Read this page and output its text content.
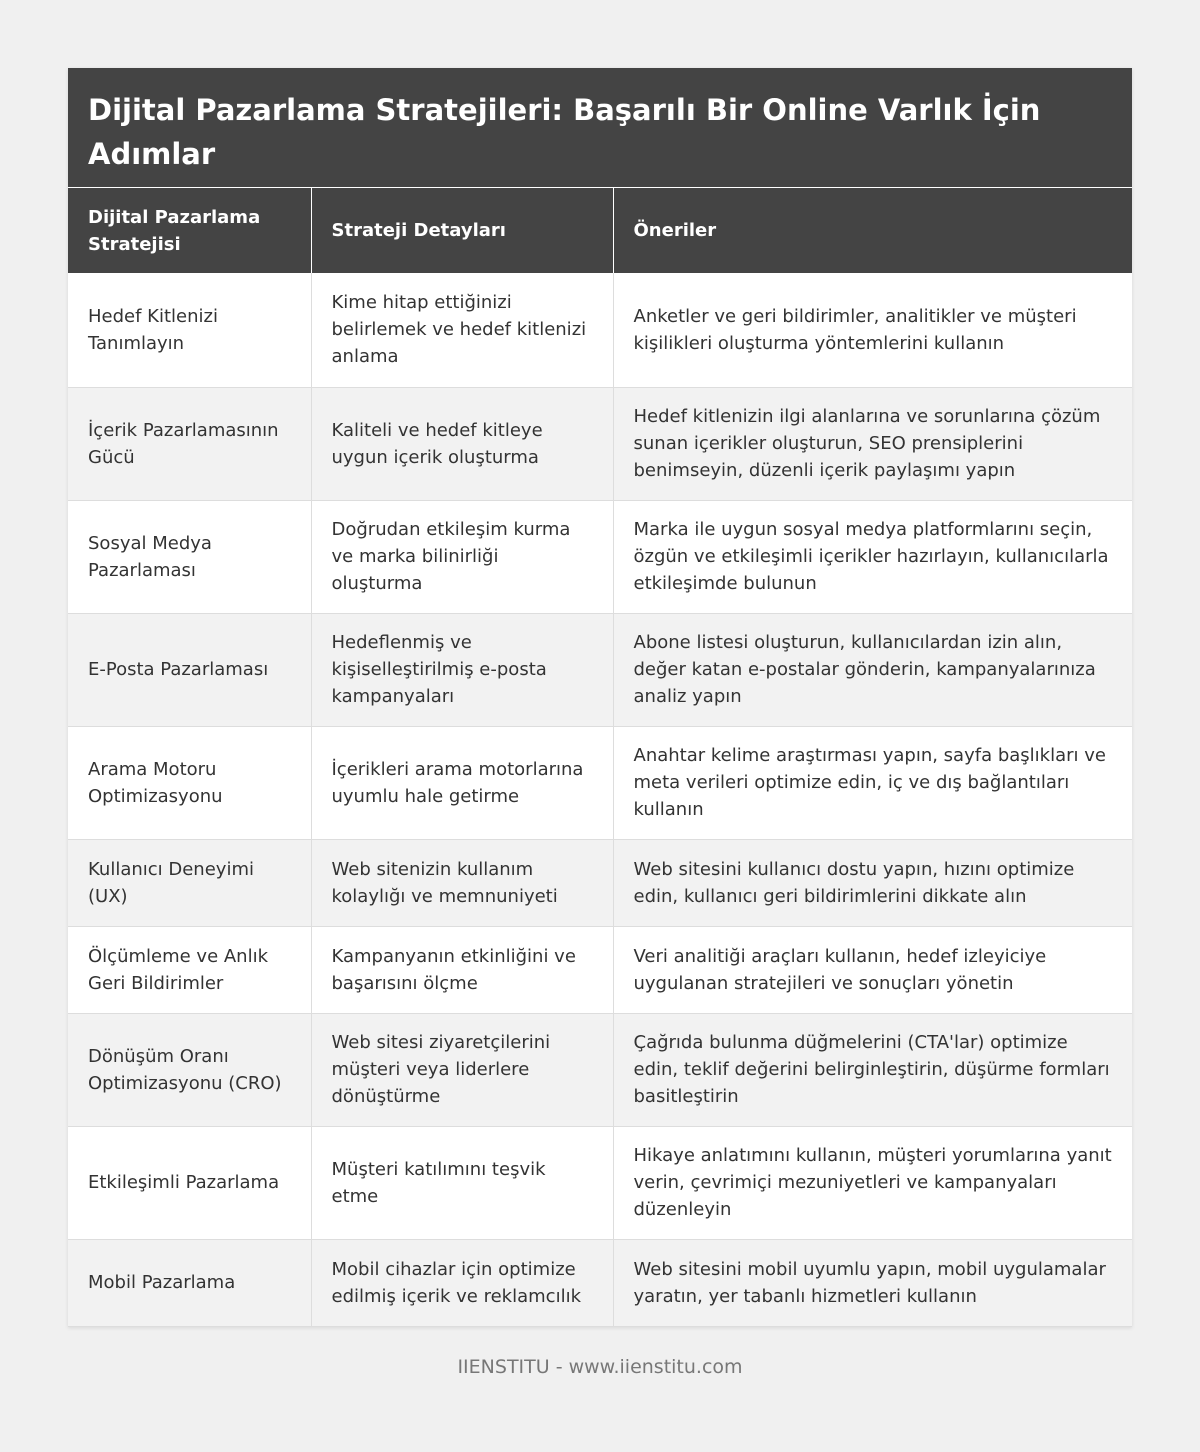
Dijital Pazarlama Stratejileri: Başarılı Bir Online Varlık İçin Adımlar
Dijital Pazarlama Stratejisi	Strateji Detayları	Öneriler
Hedef Kitlenizi Tanımlayın	Kime hitap ettiğinizi belirlemek ve hedef kitlenizi anlama	Anketler ve geri bildirimler, analitikler ve müşteri kişilikleri oluşturma yöntemlerini kullanın
İçerik Pazarlamasının Gücü	Kaliteli ve hedef kitleye uygun içerik oluşturma	Hedef kitlenizin ilgi alanlarına ve sorunlarına çözüm sunan içerikler oluşturun, SEO prensiplerini benimseyin, düzenli içerik paylaşımı yapın
Sosyal Medya Pazarlaması	Doğrudan etkileşim kurma ve marka bilinirliği oluşturma	Marka ile uygun sosyal medya platformlarını seçin, özgün ve etkileşimli içerikler hazırlayın, kullanıcılarla etkileşimde bulunun
E-Posta Pazarlaması	Hedeflenmiş ve kişiselleştirilmiş e-posta kampanyaları	Abone listesi oluşturun, kullanıcılardan izin alın, değer katan e-postalar gönderin, kampanyalarınıza analiz yapın
Arama Motoru Optimizasyonu	İçerikleri arama motorlarına uyumlu hale getirme	Anahtar kelime araştırması yapın, sayfa başlıkları ve meta verileri optimize edin, iç ve dış bağlantıları kullanın
Kullanıcı Deneyimi (UX)	Web sitenizin kullanım kolaylığı ve memnuniyeti	Web sitesini kullanıcı dostu yapın, hızını optimize edin, kullanıcı geri bildirimlerini dikkate alın
Ölçümleme ve Anlık Geri Bildirimler	Kampanyanın etkinliğini ve başarısını ölçme	Veri analitiği araçları kullanın, hedef izleyiciye uygulanan stratejileri ve sonuçları yönetin
Dönüşüm Oranı Optimizasyonu (CRO)	Web sitesi ziyaretçilerini müşteri veya liderlere dönüştürme	Çağrıda bulunma düğmelerini (CTA'lar) optimize edin, teklif değerini belirginleştirin, düşürme formları basitleştirin
Etkileşimli Pazarlama	Müşteri katılımını teşvik etme	Hikaye anlatımını kullanın, müşteri yorumlarına yanıt verin, çevrimiçi mezuniyetleri ve kampanyaları düzenleyin
Mobil Pazarlama	Mobil cihazlar için optimize edilmiş içerik ve reklamcılık	Web sitesini mobil uyumlu yapın, mobil uygulamalar yaratın, yer tabanlı hizmetleri kullanın
IIENSTITU - www.iienstitu.com
